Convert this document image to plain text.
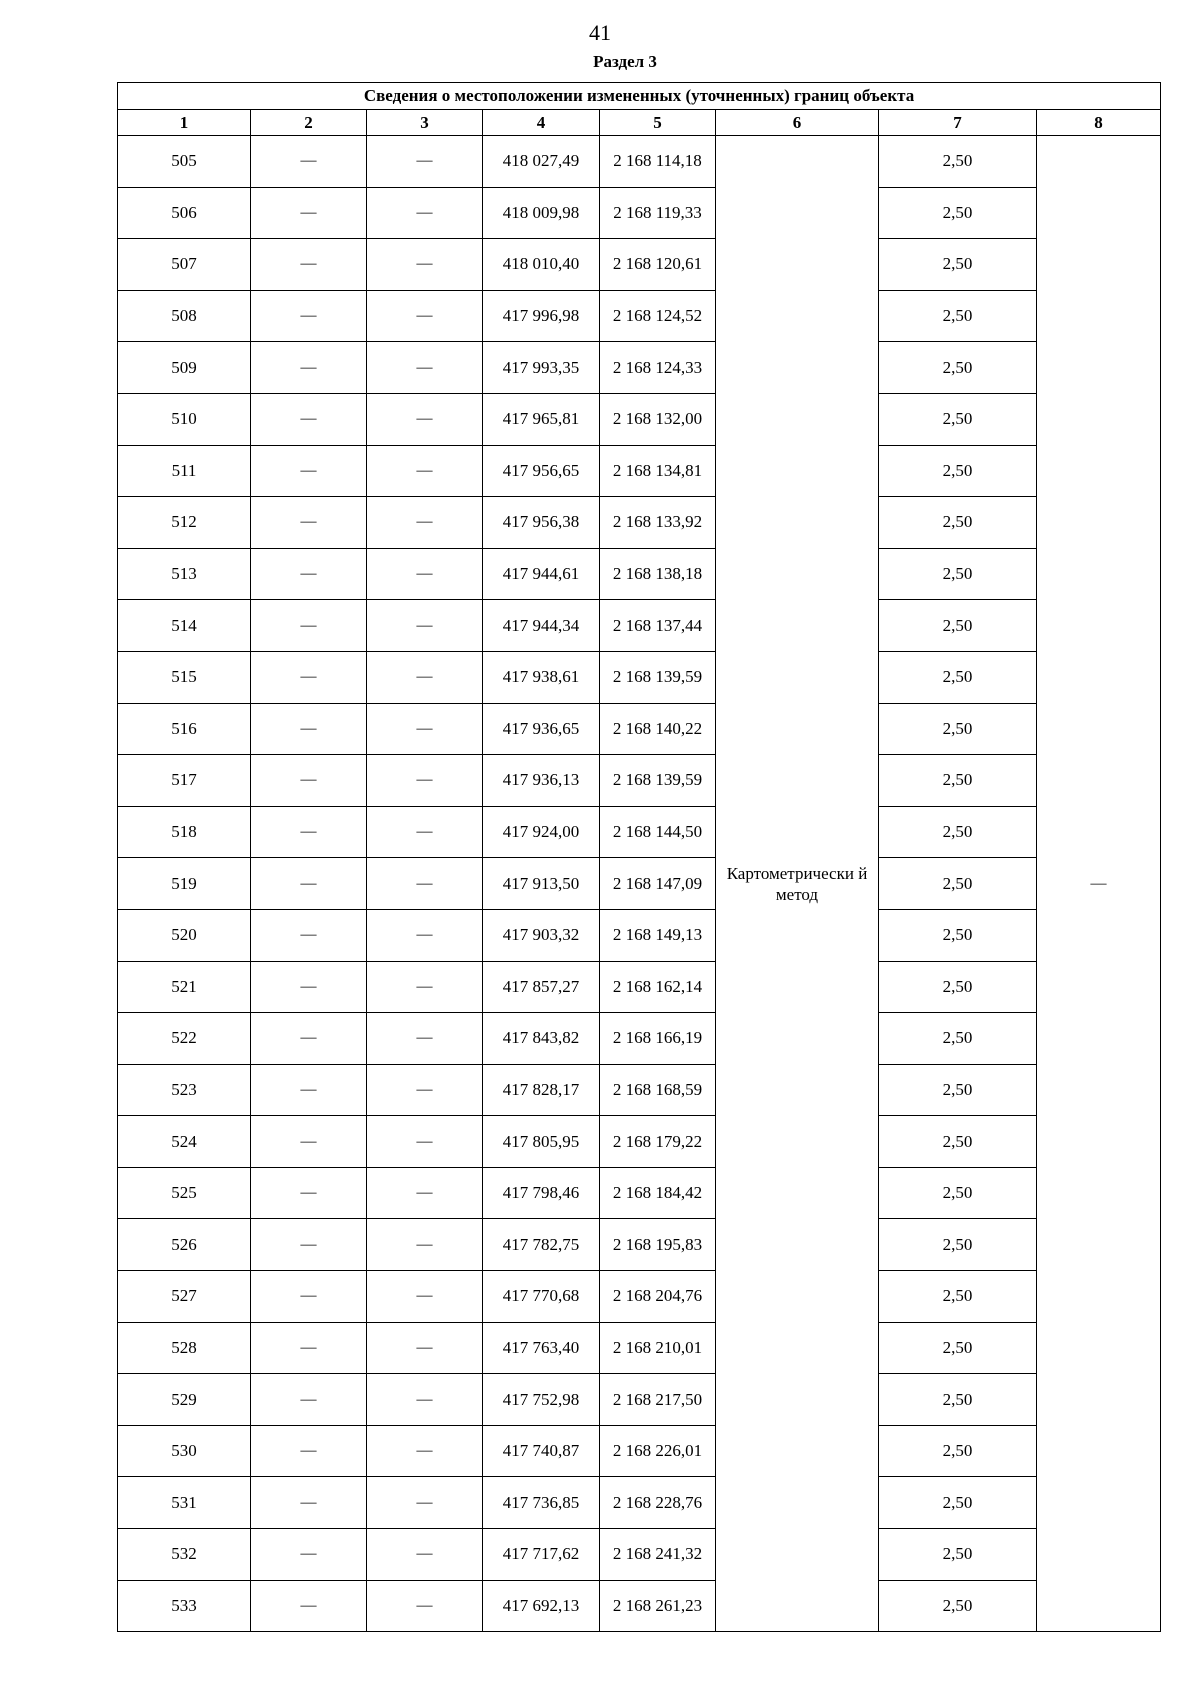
41
Раздел 3
Сведения о местоположении измененных (уточненных) границ объекта							
1	2	3	4	5	6	7	8
505	—	—	418 027,49	2 168 114,18	Картометрически й метод	2,50	—
506	—	—	418 009,98	2 168 119,33		2,50	
507	—	—	418 010,40	2 168 120,61		2,50	
508	—	—	417 996,98	2 168 124,52		2,50	
509	—	—	417 993,35	2 168 124,33		2,50	
510	—	—	417 965,81	2 168 132,00		2,50	
511	—	—	417 956,65	2 168 134,81		2,50	
512	—	—	417 956,38	2 168 133,92		2,50	
513	—	—	417 944,61	2 168 138,18		2,50	
514	—	—	417 944,34	2 168 137,44		2,50	
515	—	—	417 938,61	2 168 139,59		2,50	
516	—	—	417 936,65	2 168 140,22		2,50	
517	—	—	417 936,13	2 168 139,59		2,50	
518	—	—	417 924,00	2 168 144,50		2,50	
519	—	—	417 913,50	2 168 147,09		2,50	
520	—	—	417 903,32	2 168 149,13		2,50	
521	—	—	417 857,27	2 168 162,14		2,50	
522	—	—	417 843,82	2 168 166,19		2,50	
523	—	—	417 828,17	2 168 168,59		2,50	
524	—	—	417 805,95	2 168 179,22		2,50	
525	—	—	417 798,46	2 168 184,42		2,50	
526	—	—	417 782,75	2 168 195,83		2,50	
527	—	—	417 770,68	2 168 204,76		2,50	
528	—	—	417 763,40	2 168 210,01		2,50	
529	—	—	417 752,98	2 168 217,50		2,50	
530	—	—	417 740,87	2 168 226,01		2,50	
531	—	—	417 736,85	2 168 228,76		2,50	
532	—	—	417 717,62	2 168 241,32		2,50	
533	—	—	417 692,13	2 168 261,23		2,50	
